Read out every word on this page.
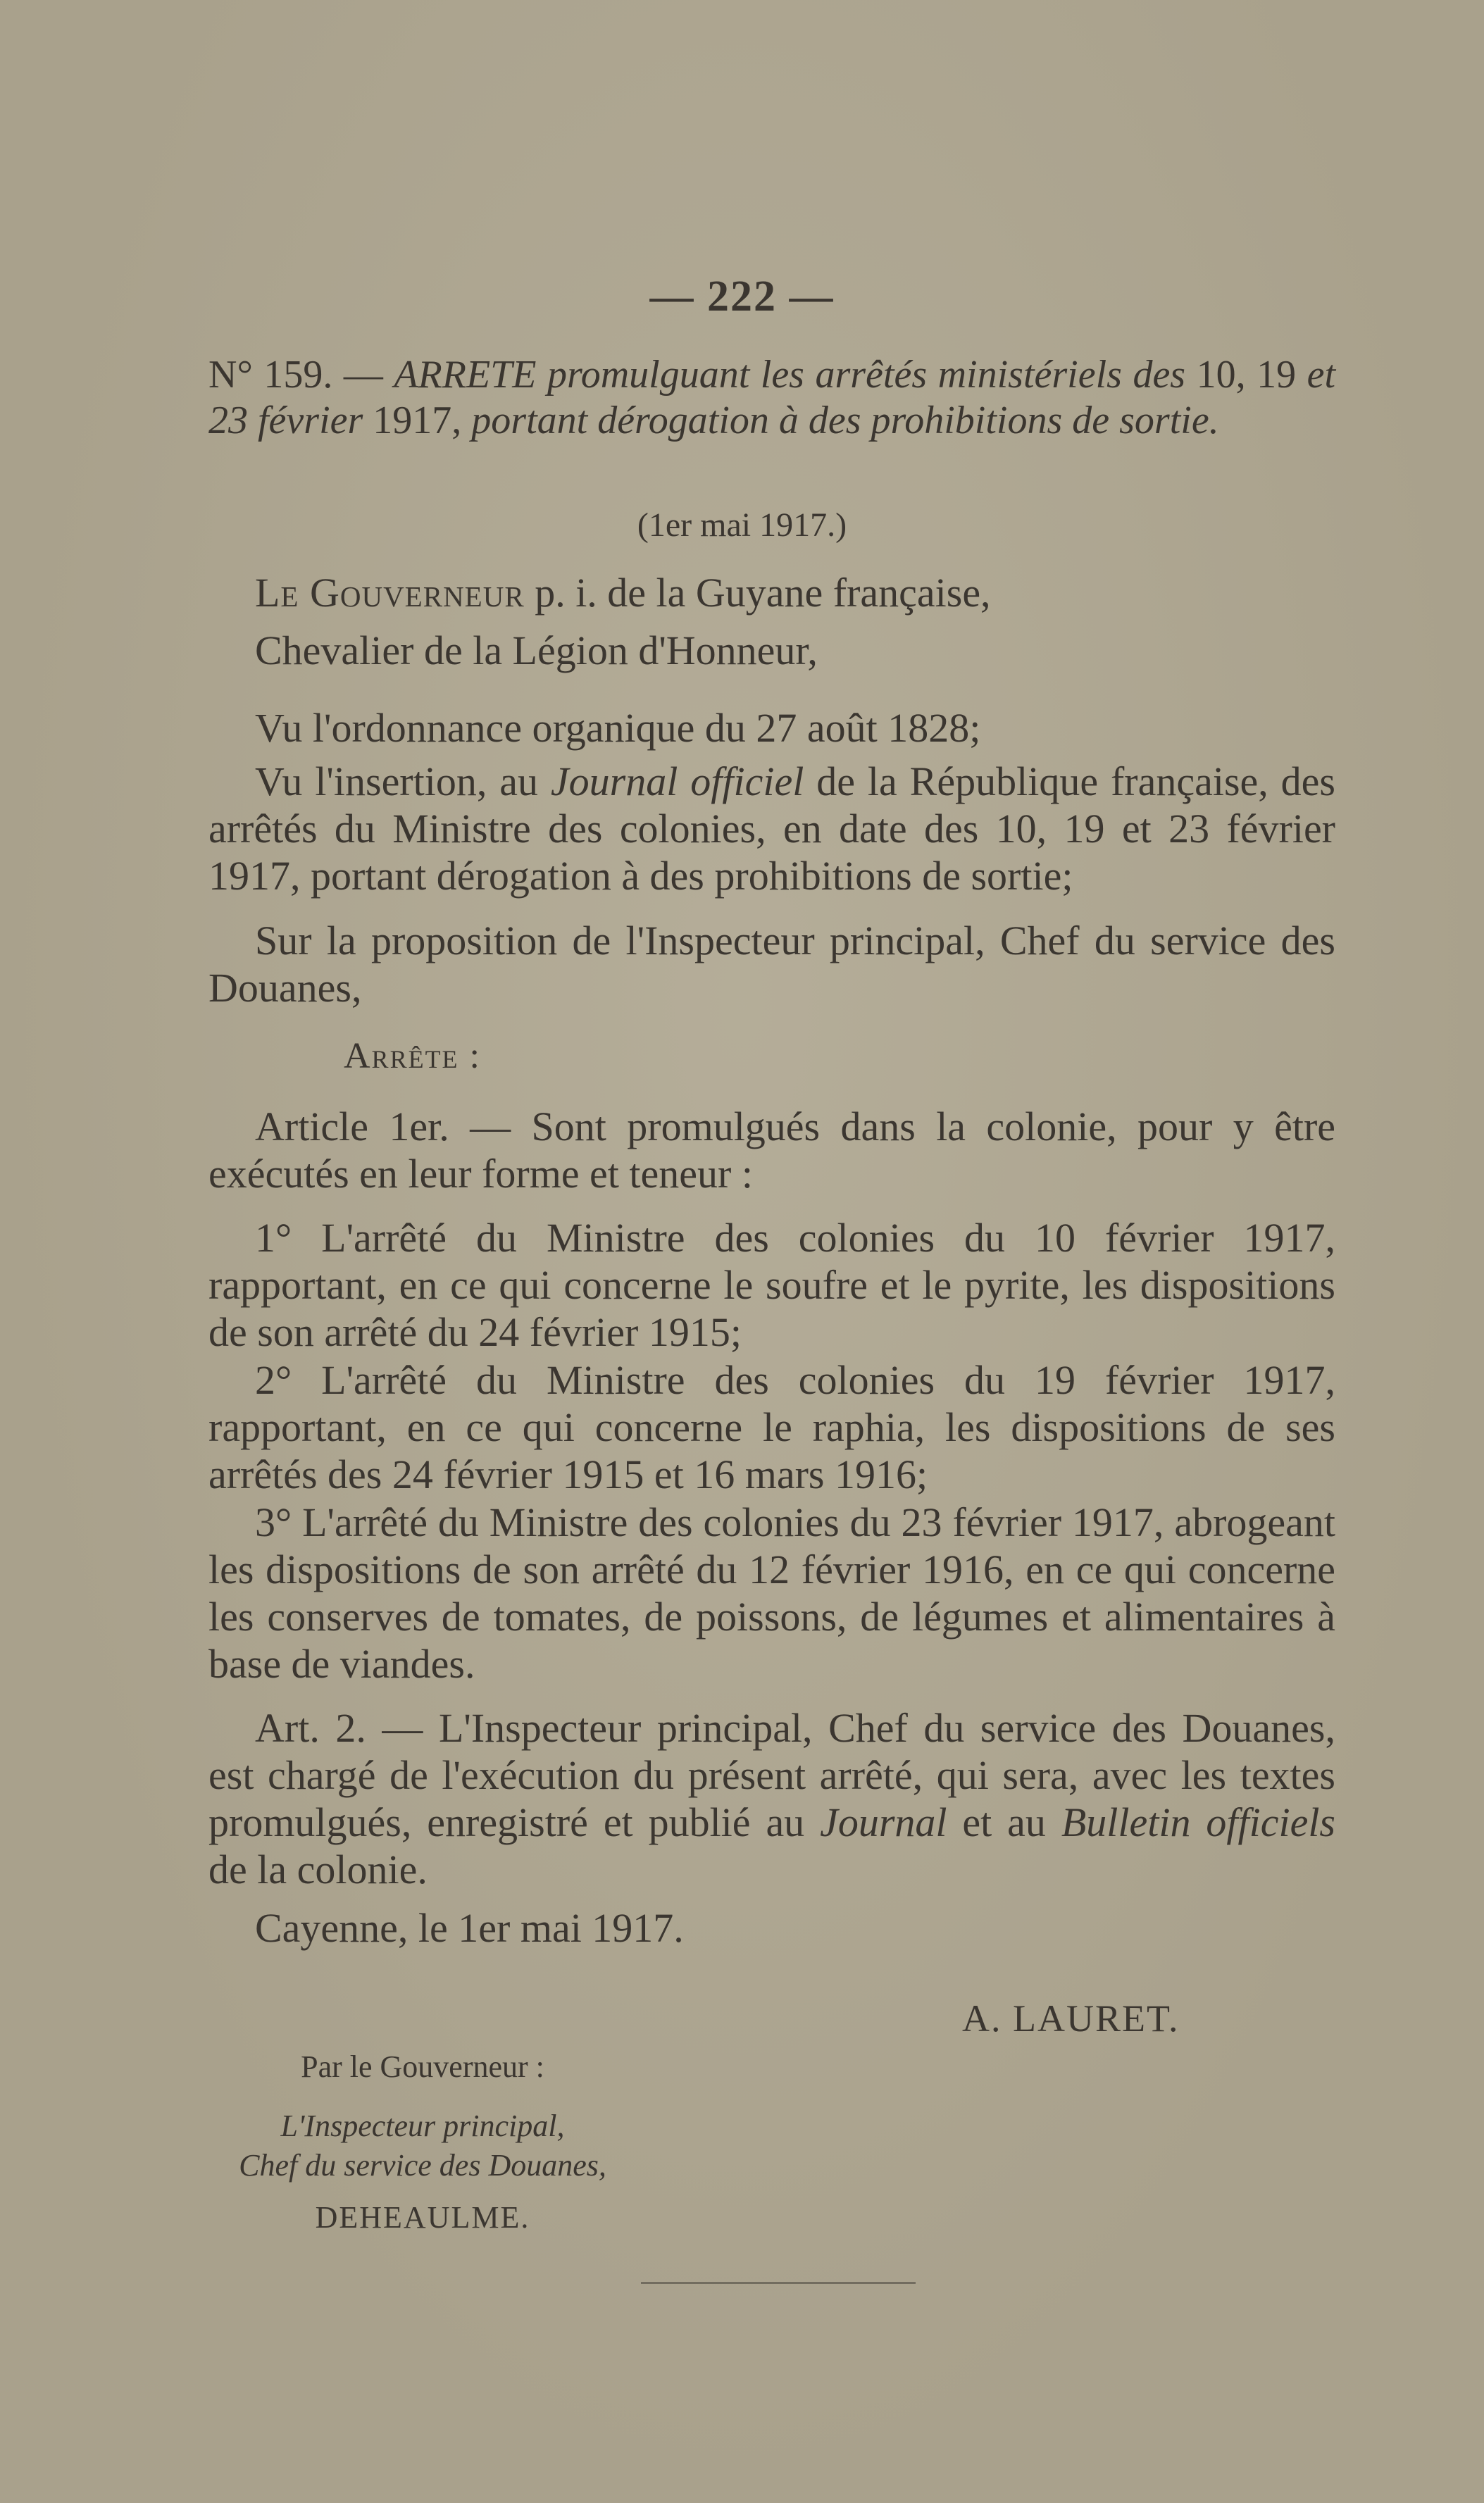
— 222 —
N° 159. — ARRETE promulguant les arrêtés ministériels des 10, 19 et 23 février 1917, portant dérogation à des prohibitions de sortie.
(1er mai 1917.)

Le Gouverneur p. i. de la Guyane française,

Chevalier de la Légion d'Honneur,

Vu l'ordonnance organique du 27 août 1828;

Vu l'insertion, au Journal officiel de la République française, des arrêtés du Ministre des colonies, en date des 10, 19 et 23 février 1917, portant dérogation à des prohibitions de sortie;

Sur la proposition de l'Inspecteur principal, Chef du service des Douanes,

Arrête :

Article 1er. — Sont promulgués dans la colonie, pour y être exécutés en leur forme et teneur :

1° L'arrêté du Ministre des colonies du 10 février 1917, rapportant, en ce qui concerne le soufre et le pyrite, les dispositions de son arrêté du 24 février 1915;

2° L'arrêté du Ministre des colonies du 19 février 1917, rapportant, en ce qui concerne le raphia, les dispositions de ses arrêtés des 24 février 1915 et 16 mars 1916;

3° L'arrêté du Ministre des colonies du 23 février 1917, abrogeant les dispositions de son arrêté du 12 février 1916, en ce qui concerne les conserves de tomates, de poissons, de légumes et alimentaires à base de viandes.

Art. 2. — L'Inspecteur principal, Chef du service des Douanes, est chargé de l'exécution du présent arrêté, qui sera, avec les textes promulgués, enregistré et publié au Journal et au Bulletin officiels de la colonie.

Cayenne, le 1er mai 1917.

A. LAURET.
Par le Gouverneur :
L'Inspecteur principal,
Chef du service des Douanes,
DEHEAULME.
